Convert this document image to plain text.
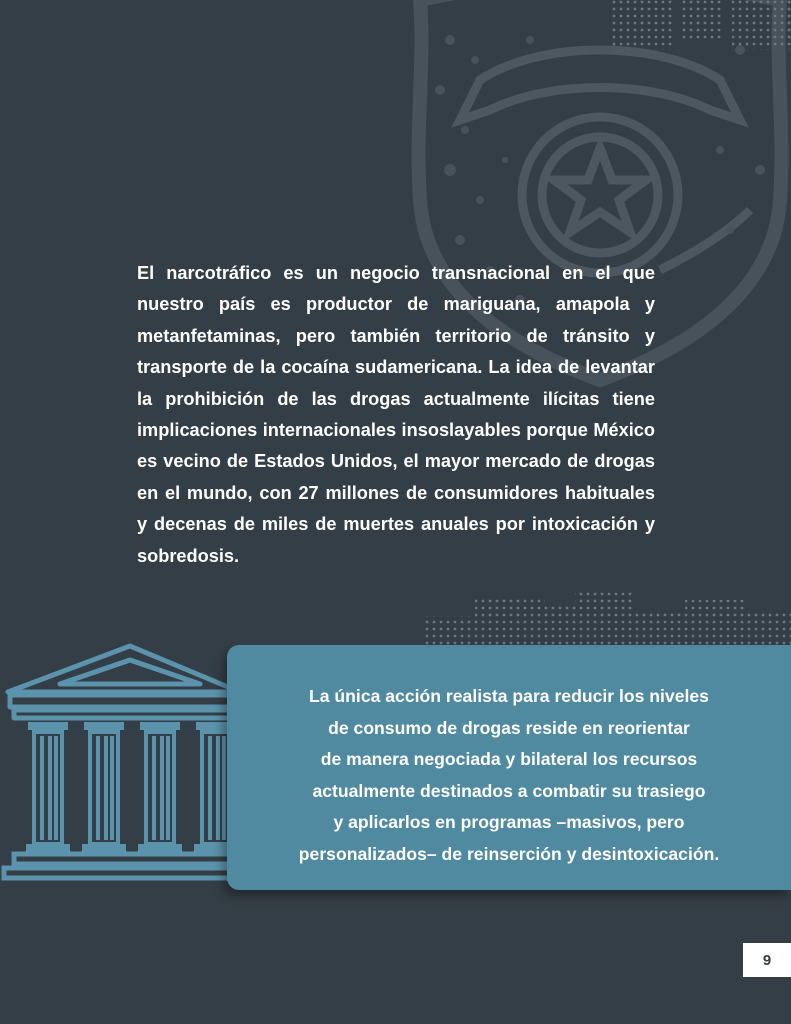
El narcotráfico es un negocio transnacional en el que nuestro país es productor de mariguana, amapola y metanfetaminas, pero también territorio de tránsito y transporte de la cocaína sudamericana. La idea de levantar la prohibición de las drogas actualmente ilícitas tiene implicaciones internacionales insoslayables porque México es vecino de Estados Unidos, el mayor mercado de drogas en el mundo, con 27 millones de consumidores habituales y decenas de miles de muertes anuales por intoxicación y sobredosis.

La única acción realista para reducir los niveles
de consumo de drogas reside en reorientar
de manera negociada y bilateral los recursos
actualmente destinados a combatir su trasiego
y aplicarlos en programas –masivos, pero
personalizados– de reinserción y desintoxicación.

9
